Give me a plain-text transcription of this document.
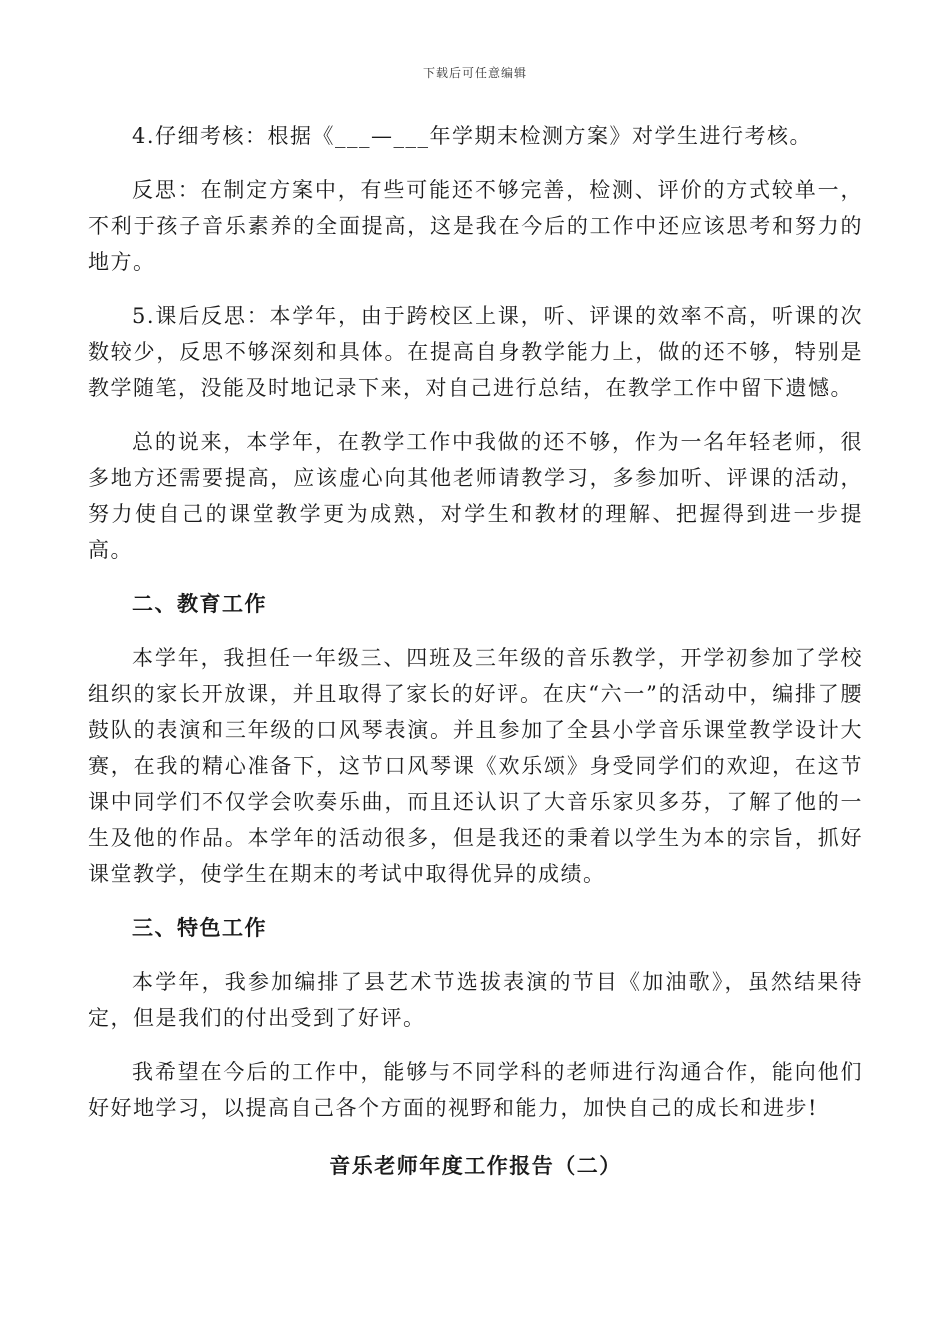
下载后可任意编辑

4.仔细考核：根据《___—___年学期末检测方案》对学生进行考核。

反思：在制定方案中，有些可能还不够完善，检测、评价的方式较单一，不利于孩子音乐素养的全面提高，这是我在今后的工作中还应该思考和努力的地方。

5.课后反思：本学年，由于跨校区上课，听、评课的效率不高，听课的次数较少，反思不够深刻和具体。在提高自身教学能力上，做的还不够，特别是教学随笔，没能及时地记录下来，对自己进行总结，在教学工作中留下遗憾。

总的说来，本学年，在教学工作中我做的还不够，作为一名年轻老师，很多地方还需要提高，应该虚心向其他老师请教学习，多参加听、评课的活动，努力使自己的课堂教学更为成熟，对学生和教材的理解、把握得到进一步提高。

二、教育工作

本学年，我担任一年级三、四班及三年级的音乐教学，开学初参加了学校组织的家长开放课，并且取得了家长的好评。在庆“六一”的活动中，编排了腰鼓队的表演和三年级的口风琴表演。并且参加了全县小学音乐课堂教学设计大赛，在我的精心准备下，这节口风琴课《欢乐颂》身受同学们的欢迎，在这节课中同学们不仅学会吹奏乐曲，而且还认识了大音乐家贝多芬，了解了他的一生及他的作品。本学年的活动很多，但是我还的秉着以学生为本的宗旨，抓好课堂教学，使学生在期末的考试中取得优异的成绩。

三、特色工作

本学年，我参加编排了县艺术节选拔表演的节目《加油歌》，虽然结果待定，但是我们的付出受到了好评。

我希望在今后的工作中，能够与不同学科的老师进行沟通合作，能向他们好好地学习，以提高自己各个方面的视野和能力，加快自己的成长和进步!

音乐老师年度工作报告（二）
